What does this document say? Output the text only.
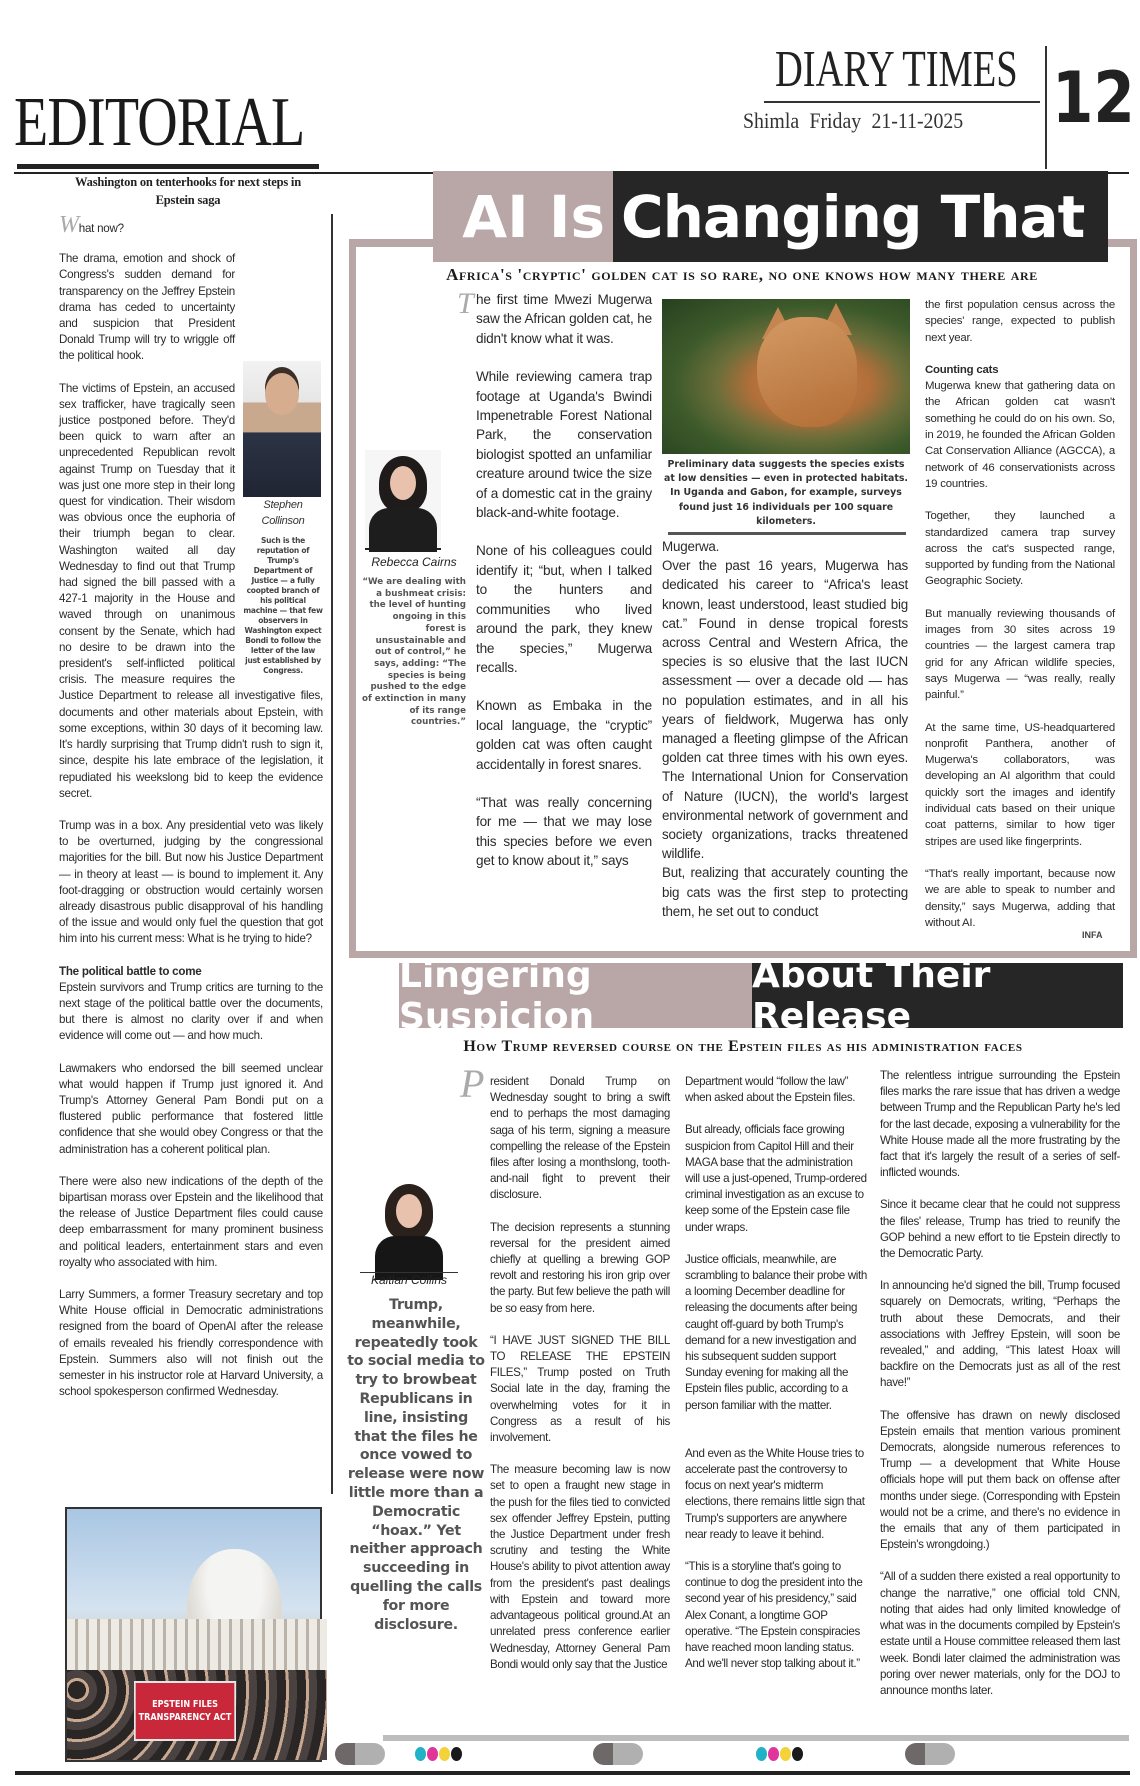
EDITORIAL
DIARY TIMES
Shimla Friday 21-11-2025 12
Washington on tenterhooks for next steps in Epstein saga
What now?
Stephen Collinson
Such is the reputation of Trump's Department of Justice — a fully coopted branch of his political machine — that few observers in Washington expect Bondi to follow the letter of the law just established by Congress.

The drama, emotion and shock of Congress's sudden demand for transparency on the Jeffrey Epstein drama has ceded to uncertainty and suspicion that President Donald Trump will try to wriggle off the political hook.

The victims of Epstein, an accused sex trafficker, have tragically seen justice postponed before. They'd been quick to warn after an unprecedented Republican revolt against Trump on Tuesday that it was just one more step in their long quest for vindication. Their wisdom was obvious once the euphoria of their triumph began to clear. Washington waited all day Wednesday to find out that Trump had signed the bill passed with a 427-1 majority in the House and waved through on unanimous consent by the Senate, which had no desire to be drawn into the president's self-inflicted political crisis. The measure requires the Justice Department to release all investigative files, documents and other materials about Epstein, with some exceptions, within 30 days of it becoming law. It's hardly surprising that Trump didn't rush to sign it, since, despite his late embrace of the legislation, it repudiated his weekslong bid to keep the evidence secret.

Trump was in a box. Any presidential veto was likely to be overturned, judging by the congressional majorities for the bill. But now his Justice Department — in theory at least — is bound to implement it. Any foot-dragging or obstruction would certainly worsen already disastrous public disapproval of his handling of the issue and would only fuel the question that got him into his current mess: What is he trying to hide?

The political battle to come

Epstein survivors and Trump critics are turning to the next stage of the political battle over the documents, but there is almost no clarity over if and when evidence will come out — and how much.

Lawmakers who endorsed the bill seemed unclear what would happen if Trump just ignored it. And Trump's Attorney General Pam Bondi put on a flustered public performance that fostered little confidence that she would obey Congress or that the administration has a coherent political plan.

There were also new indications of the depth of the bipartisan morass over Epstein and the likelihood that the release of Justice Department files could cause deep embarrassment for many prominent business and political leaders, entertainment stars and even royalty who associated with him.

Larry Summers, a former Treasury secretary and top White House official in Democratic administrations resigned from the board of OpenAI after the release of emails revealed his friendly correspondence with Epstein. Summers also will not finish out the semester in his instructor role at Harvard University, a school spokesperson confirmed Wednesday.

EPSTEIN FILES TRANSPARENCY ACT
AI Is Changing That
Africa's 'cryptic' golden cat is so rare, no one knows how many there are
Rebecca Cairns
“We are dealing with a bushmeat crisis: the level of hunting ongoing in this forest is unsustainable and out of control,” he says, adding: “The species is being pushed to the edge of extinction in many of its range countries.”
T he first time Mwezi Mugerwa saw the African golden cat, he didn't know what it was.

While reviewing camera trap footage at Uganda's Bwindi Impenetrable Forest National Park, the conservation biologist spotted an unfamiliar creature around twice the size of a domestic cat in the grainy black-and-white footage.

None of his colleagues could identify it; “but, when I talked to the hunters and communities who lived around the park, they knew the species,” Mugerwa recalls.

Known as Embaka in the local language, the “cryptic” golden cat was often caught accidentally in forest snares.

“That was really concerning for me — that we may lose this species before we even get to know about it,” says

Preliminary data suggests the species exists at low densities — even in protected habitats. In Uganda and Gabon, for example, surveys found just 16 individuals per 100 square kilometers.

Mugerwa.

Over the past 16 years, Mugerwa has dedicated his career to “Africa's least known, least understood, least studied big cat.” Found in dense tropical forests across Central and Western Africa, the species is so elusive that the last IUCN assessment — over a decade old — has no population estimates, and in all his years of fieldwork, Mugerwa has only managed a fleeting glimpse of the African golden cat three times with his own eyes. The International Union for Conservation of Nature (IUCN), the world's largest environmental network of government and society organizations, tracks threatened wildlife.

But, realizing that accurately counting the big cats was the first step to protecting them, he set out to conduct

the first population census across the species' range, expected to publish next year.

Counting cats

Mugerwa knew that gathering data on the African golden cat wasn't something he could do on his own. So, in 2019, he founded the African Golden Cat Conservation Alliance (AGCCA), a network of 46 conservationists across 19 countries.

Together, they launched a standardized camera trap survey across the cat's suspected range, supported by funding from the National Geographic Society.

But manually reviewing thousands of images from 30 sites across 19 countries — the largest camera trap grid for any African wildlife species, says Mugerwa — “was really, really painful.”

At the same time, US-headquartered nonprofit Panthera, another of Mugerwa's collaborators, was developing an AI algorithm that could quickly sort the images and identify individual cats based on their unique coat patterns, similar to how tiger stripes are used like fingerprints.

“That's really important, because now we are able to speak to number and density,” says Mugerwa, adding that without AI.

INFA
Lingering Suspicion
About Their Release
How Trump reversed course on the Epstein files as his administration faces
Kaitlan Collins
Trump, meanwhile, repeatedly took to social media to try to browbeat Republicans in line, insisting that the files he once vowed to release were now little more than a Democratic “hoax.” Yet neither approach succeeding in quelling the calls for more disclosure.
P resident Donald Trump on Wednesday sought to bring a swift end to perhaps the most damaging saga of his term, signing a measure compelling the release of the Epstein files after losing a monthslong, tooth-and-nail fight to prevent their disclosure.

The decision represents a stunning reversal for the president aimed chiefly at quelling a brewing GOP revolt and restoring his iron grip over the party. But few believe the path will be so easy from here.

“I HAVE JUST SIGNED THE BILL TO RELEASE THE EPSTEIN FILES,” Trump posted on Truth Social late in the day, framing the overwhelming votes for it in Congress as a result of his involvement.

The measure becoming law is now set to open a fraught new stage in the push for the files tied to convicted sex offender Jeffrey Epstein, putting the Justice Department under fresh scrutiny and testing the White House's ability to pivot attention away from the president's past dealings with Epstein and toward more advantageous political ground.At an unrelated press conference earlier Wednesday, Attorney General Pam Bondi would only say that the Justice

Department would “follow the law” when asked about the Epstein files.

But already, officials face growing suspicion from Capitol Hill and their MAGA base that the administration will use a just-opened, Trump-ordered criminal investigation as an excuse to keep some of the Epstein case file under wraps.

Justice officials, meanwhile, are scrambling to balance their probe with a looming December deadline for releasing the documents after being caught off-guard by both Trump's demand for a new investigation and his subsequent sudden support Sunday evening for making all the Epstein files public, according to a person familiar with the matter.

And even as the White House tries to accelerate past the controversy to focus on next year's midterm elections, there remains little sign that Trump's supporters are anywhere near ready to leave it behind.

“This is a storyline that's going to continue to dog the president into the second year of his presidency,” said Alex Conant, a longtime GOP operative. “The Epstein conspiracies have reached moon landing status. And we'll never stop talking about it.”

The relentless intrigue surrounding the Epstein files marks the rare issue that has driven a wedge between Trump and the Republican Party he's led for the last decade, exposing a vulnerability for the White House made all the more frustrating by the fact that it's largely the result of a series of self-inflicted wounds.

Since it became clear that he could not suppress the files' release, Trump has tried to reunify the GOP behind a new effort to tie Epstein directly to the Democratic Party.

In announcing he'd signed the bill, Trump focused squarely on Democrats, writing, “Perhaps the truth about these Democrats, and their associations with Jeffrey Epstein, will soon be revealed,” and adding, “This latest Hoax will backfire on the Democrats just as all of the rest have!”

The offensive has drawn on newly disclosed Epstein emails that mention various prominent Democrats, alongside numerous references to Trump — a development that White House officials hope will put them back on offense after months under siege. (Corresponding with Epstein would not be a crime, and there's no evidence in the emails that any of them participated in Epstein's wrongdoing.)

“All of a sudden there existed a real opportunity to change the narrative,” one official told CNN, noting that aides had only limited knowledge of what was in the documents compiled by Epstein's estate until a House committee released them last week. Bondi later claimed the administration was poring over newer materials, only for the DOJ to announce months later.
